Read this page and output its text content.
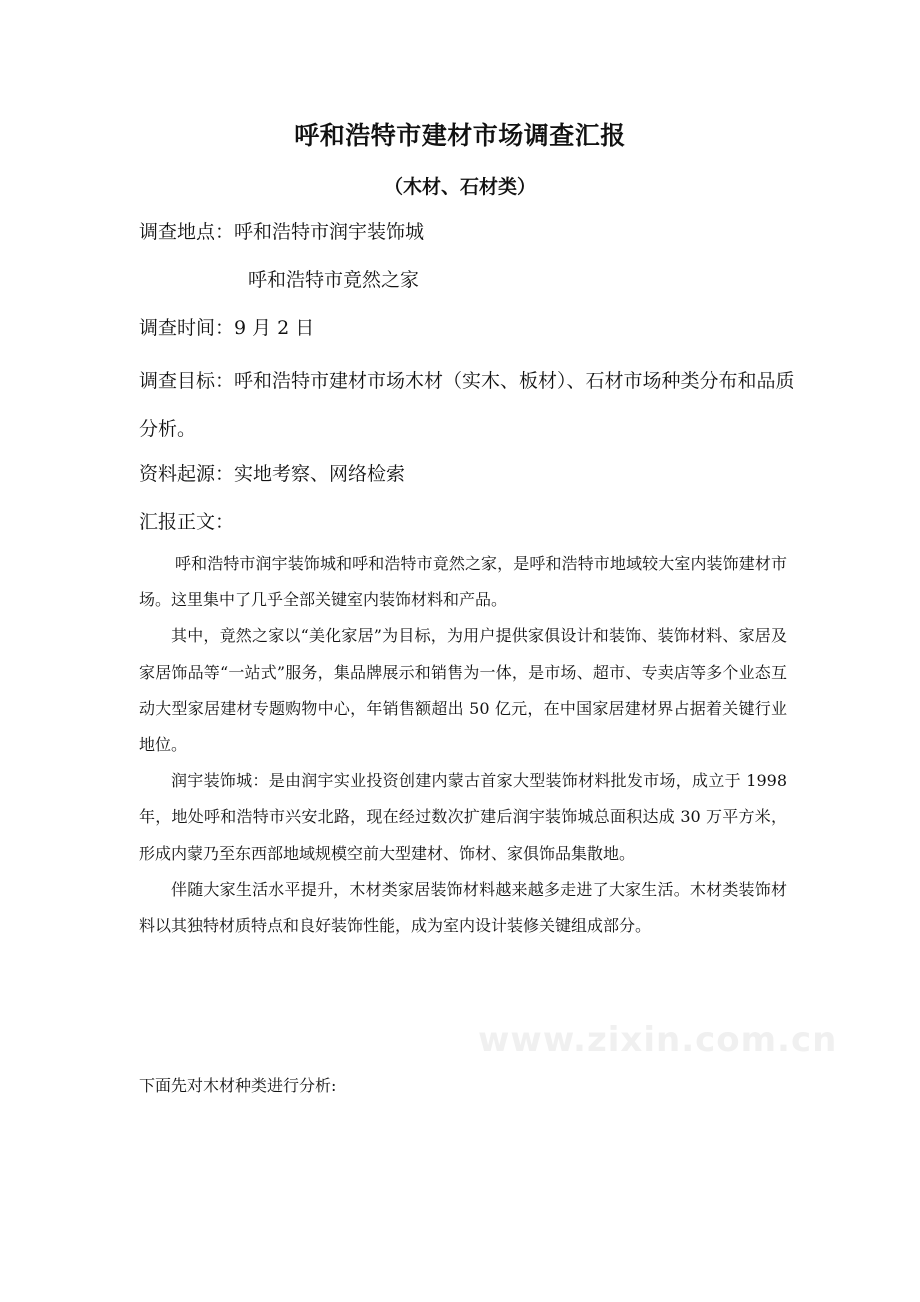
呼和浩特市建材市场调查汇报
（木材、石材类）
调查地点：呼和浩特市润宇装饰城
呼和浩特市竟然之家
调查时间：9 月 2 日
调查目标：呼和浩特市建材市场木材（实木、板材）、石材市场种类分布和品质分析。
资料起源：实地考察、网络检索
汇报正文：

呼和浩特市润宇装饰城和呼和浩特市竟然之家，是呼和浩特市地域较大室内装饰建材市场。这里集中了几乎全部关键室内装饰材料和产品。

其中，竟然之家以“美化家居”为目标，为用户提供家俱设计和装饰、装饰材料、家居及家居饰品等“一站式”服务，集品牌展示和销售为一体，是市场、超市、专卖店等多个业态互动大型家居建材专题购物中心，年销售额超出 50 亿元，在中国家居建材界占据着关键行业地位。

润宇装饰城：是由润宇实业投资创建内蒙古首家大型装饰材料批发市场，成立于 1998 年，地处呼和浩特市兴安北路，现在经过数次扩建后润宇装饰城总面积达成 30 万平方米，形成内蒙乃至东西部地域规模空前大型建材、饰材、家俱饰品集散地。

伴随大家生活水平提升，木材类家居装饰材料越来越多走进了大家生活。木材类装饰材料以其独特材质特点和良好装饰性能，成为室内设计装修关键组成部分。

www.zixin.com.cn
下面先对木材种类进行分析:
